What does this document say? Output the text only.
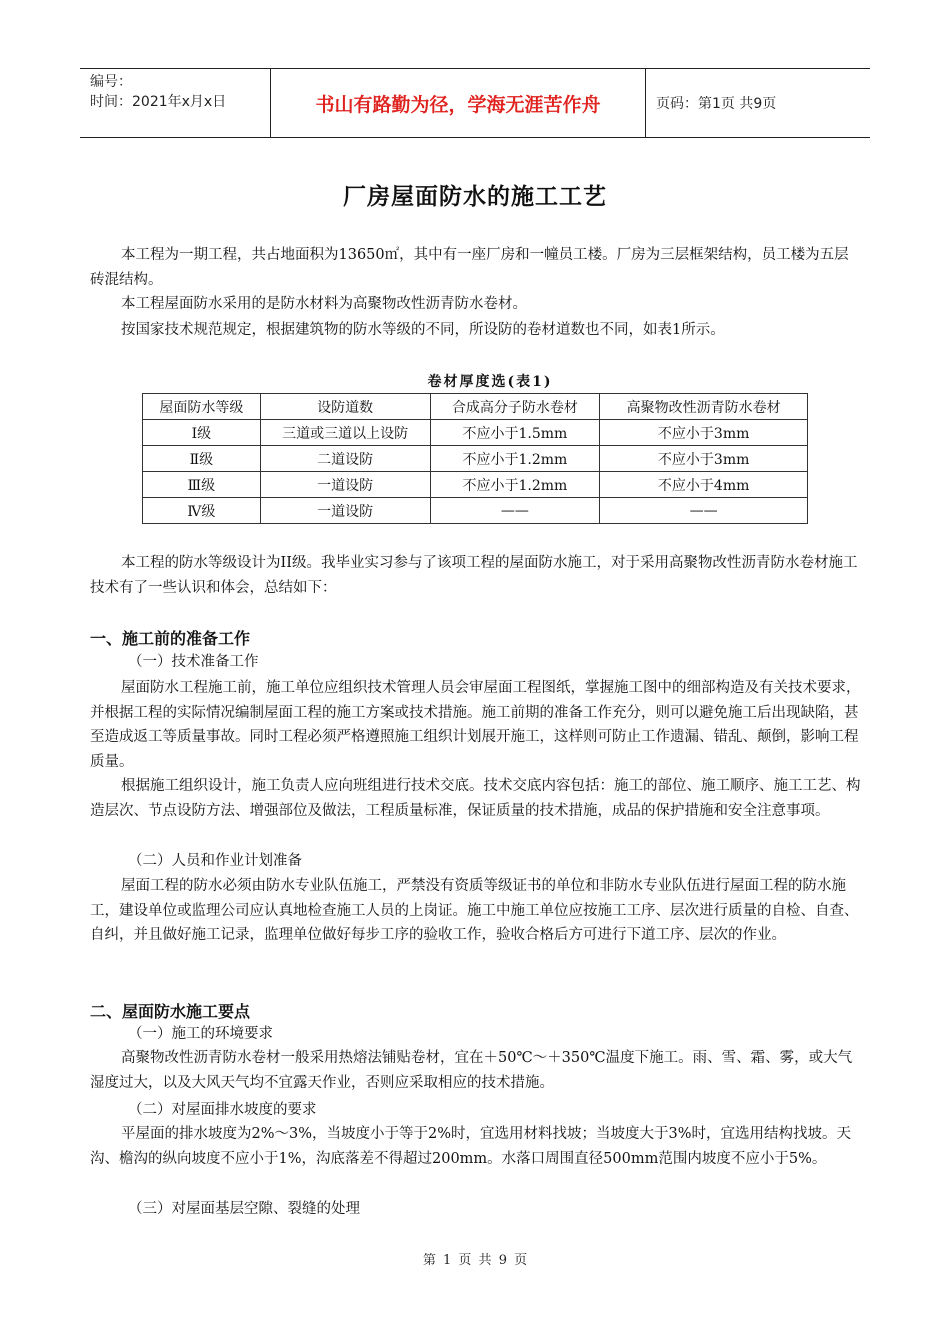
编号：
时间：2021年x月x日	书山有路勤为径，学海无涯苦作舟	页码：第1页 共9页
厂房屋面防水的施工工艺

本工程为一期工程，共占地面积为13650㎡，其中有一座厂房和一幢员工楼。厂房为三层框架结构，员工楼为五层砖混结构。

本工程屋面防水采用的是防水材料为高聚物改性沥青防水卷材。

按国家技术规范规定，根据建筑物的防水等级的不同，所设防的卷材道数也不同，如表1所示。

卷材厚度选(表1)
屋面防水等级	设防道数	合成高分子防水卷材	高聚物改性沥青防水卷材
Ⅰ级	三道或三道以上设防	不应小于1.5mm	不应小于3mm
Ⅱ级	二道设防	不应小于1.2mm	不应小于3mm
Ⅲ级	一道设防	不应小于1.2mm	不应小于4mm
Ⅳ级	一道设防	——	——

本工程的防水等级设计为II级。我毕业实习参与了该项工程的屋面防水施工，对于采用高聚物改性沥青防水卷材施工技术有了一些认识和体会，总结如下：

一、施工前的准备工作

（一）技术准备工作

屋面防水工程施工前，施工单位应组织技术管理人员会审屋面工程图纸，掌握施工图中的细部构造及有关技术要求，并根据工程的实际情况编制屋面工程的施工方案或技术措施。施工前期的准备工作充分，则可以避免施工后出现缺陷，甚至造成返工等质量事故。同时工程必须严格遵照施工组织计划展开施工，这样则可防止工作遗漏、错乱、颠倒，影响工程质量。

根据施工组织设计，施工负责人应向班组进行技术交底。技术交底内容包括：施工的部位、施工顺序、施工工艺、构造层次、节点设防方法、增强部位及做法，工程质量标准，保证质量的技术措施，成品的保护措施和安全注意事项。

（二）人员和作业计划准备

屋面工程的防水必须由防水专业队伍施工，严禁没有资质等级证书的单位和非防水专业队伍进行屋面工程的防水施工，建设单位或监理公司应认真地检查施工人员的上岗证。施工中施工单位应按施工工序、层次进行质量的自检、自查、自纠，并且做好施工记录，监理单位做好每步工序的验收工作，验收合格后方可进行下道工序、层次的作业。

二、屋面防水施工要点

（一）施工的环境要求

高聚物改性沥青防水卷材一般采用热熔法铺贴卷材，宜在＋50℃～＋350℃温度下施工。雨、雪、霜、雾，或大气湿度过大，以及大风天气均不宜露天作业，否则应采取相应的技术措施。

（二）对屋面排水坡度的要求

平屋面的排水坡度为2%～3%，当坡度小于等于2%时，宜选用材料找坡；当坡度大于3%时，宜选用结构找坡。天沟、檐沟的纵向坡度不应小于1%，沟底落差不得超过200mm。水落口周围直径500mm范围内坡度不应小于5%。

（三）对屋面基层空隙、裂缝的处理

第 1 页 共 9 页
